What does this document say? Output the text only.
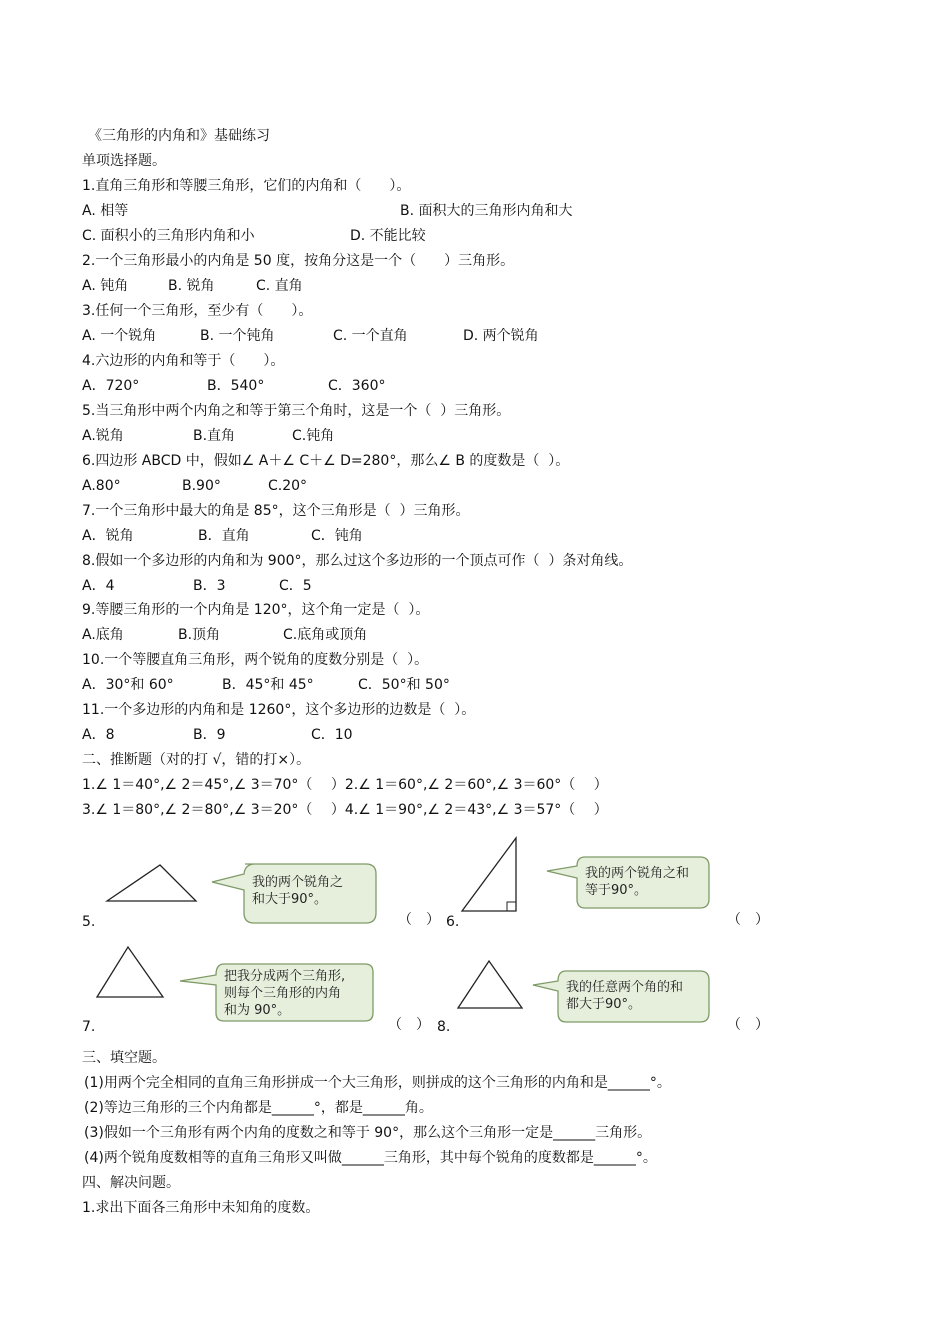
《三角形的内角和》基础练习
单项选择题。
1.直角三角形和等腰三角形，它们的内角和（　　）。
A. 相等	B. 面积大的三角形内角和大
C. 面积小的三角形内角和小	D. 不能比较
2.一个三角形最小的内角是 50 度，按角分这是一个（　　）三角形。
A. 钝角	B. 锐角	C. 直角
3.任何一个三角形，至少有（　　）。
A. 一个锐角	B. 一个钝角	C. 一个直角	D. 两个锐角
4.六边形的内角和等于（　　）。
A．720°	B．540°	C．360°
5.当三角形中两个内角之和等于第三个角时，这是一个（  ）三角形。
A.锐角	B.直角	C.钝角
6.四边形 ABCD 中，假如∠ A＋∠ C＋∠ D=280°，那么∠ B 的度数是（  ）。
A.80°	B.90°	C.20°
7.一个三角形中最大的角是 85°，这个三角形是（  ）三角形。
A．锐角	B．直角	C．钝角
8.假如一个多边形的内角和为 900°，那么过这个多边形的一个顶点可作（  ）条对角线。
A．4	B．3	C．5
9.等腰三角形的一个内角是 120°，这个角一定是（  ）。
A.底角	B.顶角	C.底角或顶角
10.一个等腰直角三角形，两个锐角的度数分别是（  ）。
A．30°和 60°	B．45°和 45°	C．50°和 50°
11.一个多边形的内角和是 1260°，这个多边形的边数是（  ）。
A．8	B．9	C．10
二、推断题（对的打 √，错的打×）。
1.∠ 1＝40°,∠ 2＝45°,∠ 3＝70°（　 ）2.∠ 1＝60°,∠ 2＝60°,∠ 3＝60°（　 ）
3.∠ 1＝80°,∠ 2＝80°,∠ 3＝20°（　 ）4.∠ 1＝90°,∠ 2＝43°,∠ 3＝57°（　 ）
我的两个锐角之
和大于90°。
我的两个锐角之和
等于90°。
把我分成两个三角形,
则每个三角形的内角
和为 90°。
我的任意两个角的和
都大于90°。
5.	（　） 6.	（　）
7.	（　） 8.	（　）
三、填空题。
(1)用两个完全相同的直角三角形拼成一个大三角形，则拼成的这个三角形的内角和是______°。
(2)等边三角形的三个内角都是______°，都是______角。
(3)假如一个三角形有两个内角的度数之和等于 90°，那么这个三角形一定是______三角形。
(4)两个锐角度数相等的直角三角形又叫做______三角形，其中每个锐角的度数都是______°。
四、解决问题。
1.求出下面各三角形中未知角的度数。
